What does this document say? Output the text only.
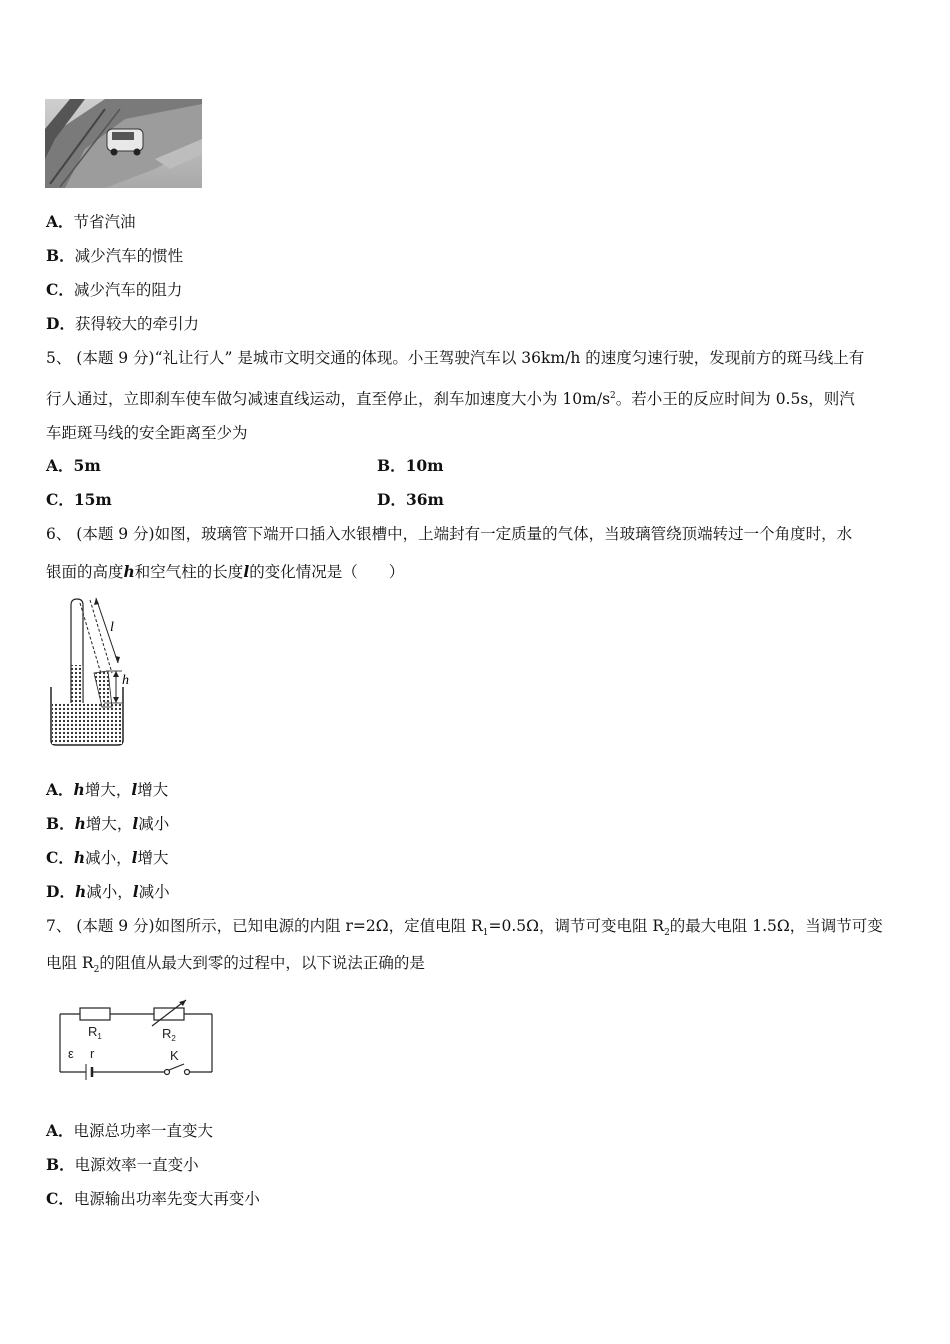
A．节省汽油
B．减少汽车的惯性
C．减少汽车的阻力
D．获得较大的牵引力
5、 (本题 9 分)“礼让行人” 是城市文明交通的体现。小王驾驶汽车以 36km/h 的速度匀速行驶，发现前方的斑马线上有
行人通过，立即刹车使车做匀减速直线运动，直至停止，刹车加速度大小为 $10m/s^2$。若小王的反应时间为 0.5s，则汽
车距斑马线的安全距离至少为
A．5m	B．10m
C．15m	D．36m
6、 (本题 9 分)如图，玻璃管下端开口插入水银槽中，上端封有一定质量的气体，当玻璃管绕顶端转过一个角度时，水
银面的高度h和空气柱的长度l的变化情况是（　　）
l
h
A．h增大，l增大
B．h增大，l减小
C．h减小，l增大
D．h减小，l减小
7、 (本题 9 分)如图所示，已知电源的内阻 r=2Ω，定值电阻 $R_1=0.5\Omega$，调节可变电阻 $R_2$的最大电阻 1.5Ω，当调节可变
电阻 $R_2$的阻值从最大到零的过程中，以下说法正确的是
$R_1$	$R_2$
ε r	K
A．电源总功率一直变大
B．电源效率一直变小
C．电源输出功率先变大再变小
